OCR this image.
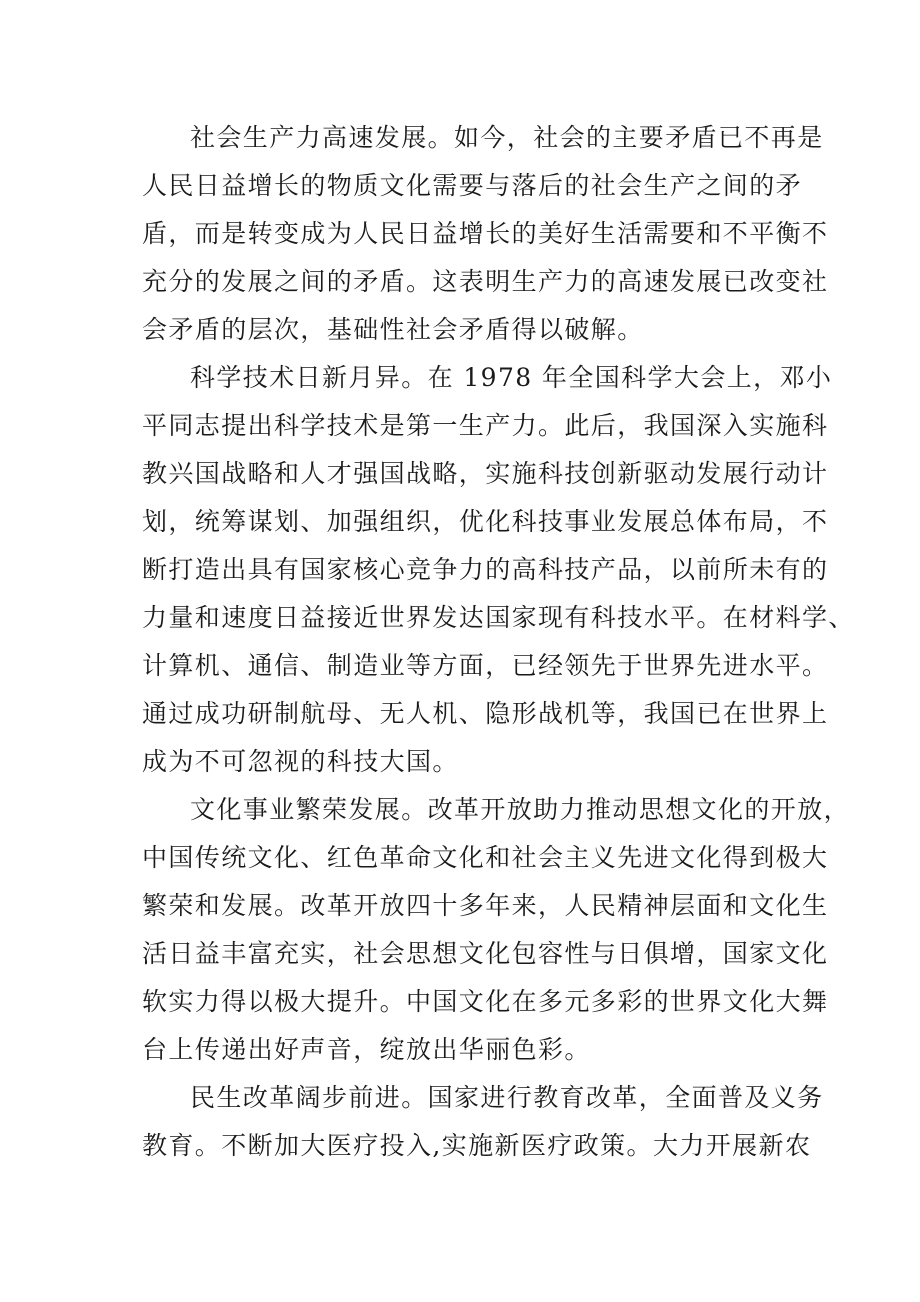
社会生产力高速发展。如今，社会的主要矛盾已不再是
人民日益增长的物质文化需要与落后的社会生产之间的矛
盾，而是转变成为人民日益增长的美好生活需要和不平衡不
充分的发展之间的矛盾。这表明生产力的高速发展已改变社
会矛盾的层次，基础性社会矛盾得以破解。
科学技术日新月异。在 1978 年全国科学大会上，邓小
平同志提出科学技术是第一生产力。此后，我国深入实施科
教兴国战略和人才强国战略，实施科技创新驱动发展行动计
划，统筹谋划、加强组织，优化科技事业发展总体布局，不
断打造出具有国家核心竞争力的高科技产品，以前所未有的
力量和速度日益接近世界发达国家现有科技水平。在材料学、
计算机、通信、制造业等方面，已经领先于世界先进水平。
通过成功研制航母、无人机、隐形战机等，我国已在世界上
成为不可忽视的科技大国。
文化事业繁荣发展。改革开放助力推动思想文化的开放，
中国传统文化、红色革命文化和社会主义先进文化得到极大
繁荣和发展。改革开放四十多年来，人民精神层面和文化生
活日益丰富充实，社会思想文化包容性与日俱增，国家文化
软实力得以极大提升。中国文化在多元多彩的世界文化大舞
台上传递出好声音，绽放出华丽色彩。
民生改革阔步前进。国家进行教育改革，全面普及义务
教育。不断加大医疗投入,实施新医疗政策。大力开展新农
